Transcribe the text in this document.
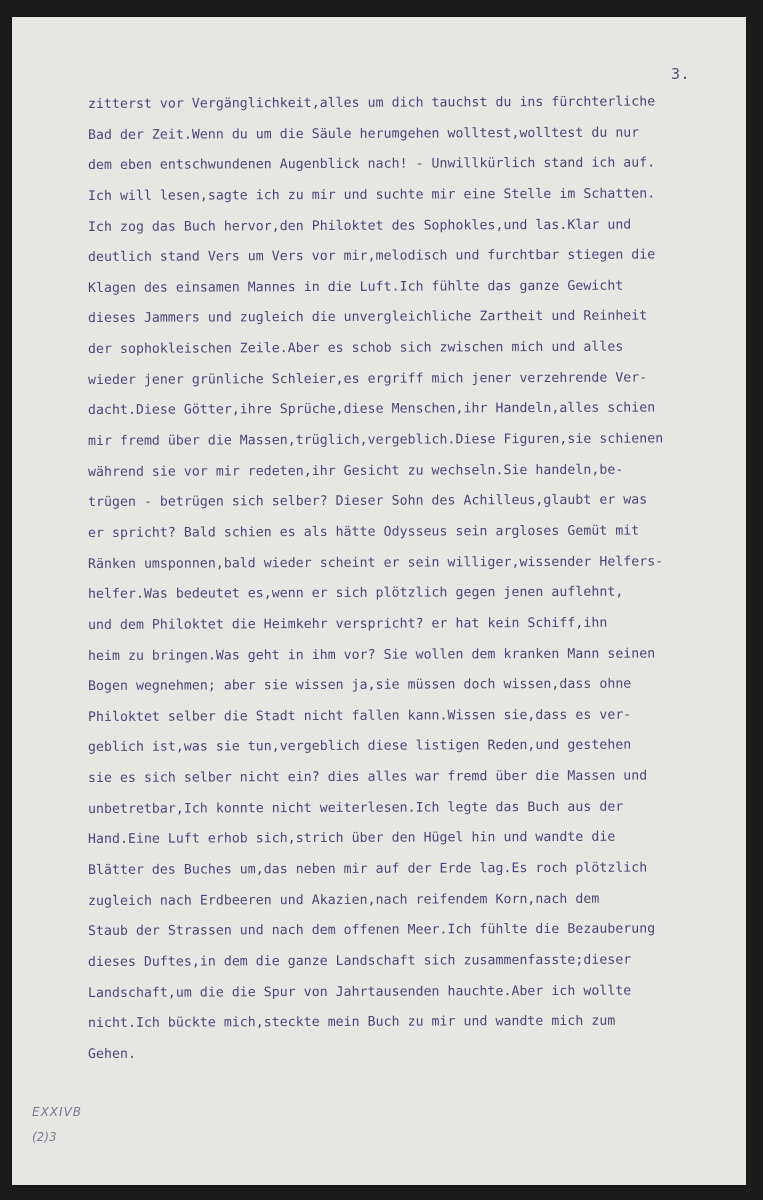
3.
zitterst vor Vergänglichkeit,alles um dich tauchst du ins fürchterliche
Bad der Zeit.Wenn du um die Säule herumgehen wolltest,wolltest du nur
dem eben entschwundenen Augenblick nach! - Unwillkürlich stand ich auf.
Ich will lesen,sagte ich zu mir und suchte mir eine Stelle im Schatten.
Ich zog das Buch hervor,den Philoktet des Sophokles,und las.Klar und
deutlich stand Vers um Vers vor mir,melodisch und furchtbar stiegen die
Klagen des einsamen Mannes in die Luft.Ich fühlte das ganze Gewicht
dieses Jammers und zugleich die unvergleichliche Zartheit und Reinheit
der sophokleischen Zeile.Aber es schob sich zwischen mich und alles
wieder jener grünliche Schleier,es ergriff mich jener verzehrende Ver-
dacht.Diese Götter,ihre Sprüche,diese Menschen,ihr Handeln,alles schien
mir fremd über die Massen,trüglich,vergeblich.Diese Figuren,sie schienen
während sie vor mir redeten,ihr Gesicht zu wechseln.Sie handeln,be-
trügen - betrügen sich selber? Dieser Sohn des Achilleus,glaubt er was
er spricht? Bald schien es als hätte Odysseus sein argloses Gemüt mit
Ränken umsponnen,bald wieder scheint er sein williger,wissender Helfers-
helfer.Was bedeutet es,wenn er sich plötzlich gegen jenen auflehnt,
und dem Philoktet die Heimkehr verspricht? er hat kein Schiff,ihn
heim zu bringen.Was geht in ihm vor? Sie wollen dem kranken Mann seinen
Bogen wegnehmen; aber sie wissen ja,sie müssen doch wissen,dass ohne
Philoktet selber die Stadt nicht fallen kann.Wissen sie,dass es ver-
geblich ist,was sie tun,vergeblich diese listigen Reden,und gestehen
sie es sich selber nicht ein? dies alles war fremd über die Massen und
unbetretbar,Ich konnte nicht weiterlesen.Ich legte das Buch aus der
Hand.Eine Luft erhob sich,strich über den Hügel hin und wandte die
Blätter des Buches um,das neben mir auf der Erde lag.Es roch plötzlich
zugleich nach Erdbeeren und Akazien,nach reifendem Korn,nach dem
Staub der Strassen und nach dem offenen Meer.Ich fühlte die Bezauberung
dieses Duftes,in dem die ganze Landschaft sich zusammenfasste;dieser
Landschaft,um die die Spur von Jahrtausenden hauchte.Aber ich wollte
nicht.Ich bückte mich,steckte mein Buch zu mir und wandte mich zum
Gehen.
EXXIVB
(2)3
